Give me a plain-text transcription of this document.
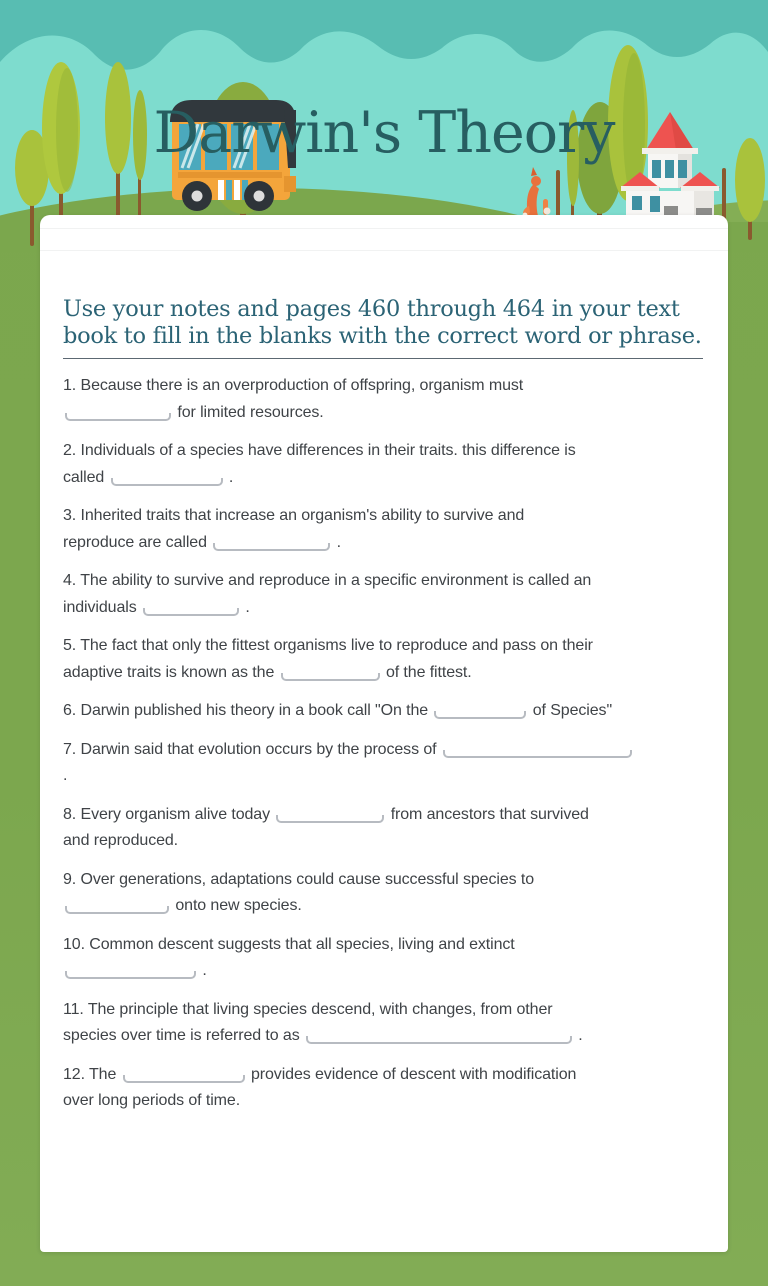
Darwin's Theory
Use your notes and pages 460 through 464 in your text book to fill in the blanks with the correct word or phrase.

1. Because there is an overproduction of offspring, organism must
for limited resources.

2. Individuals of a species have differences in their traits. this difference is
called	.

3. Inherited traits that increase an organism's ability to survive and
reproduce are called	.

4. The ability to survive and reproduce in a specific environment is called an
individuals	.

5. The fact that only the fittest organisms live to reproduce and pass on their
adaptive traits is known as the	of the fittest.

6. Darwin published his theory in a book call "On the	of Species"

7. Darwin said that evolution occurs by the process of
.

8. Every organism alive today	from ancestors that survived
and reproduced.

9. Over generations, adaptations could cause successful species to
onto new species.

10. Common descent suggests that all species, living and extinct
.

11. The principle that living species descend, with changes, from other
species over time is referred to as	.

12. The	provides evidence of descent with modification
over long periods of time.
